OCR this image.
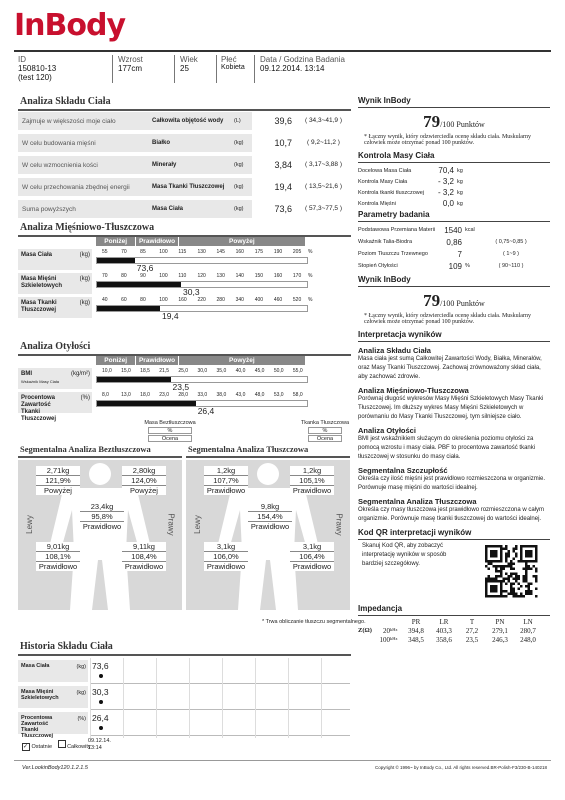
InBody
ID
150810-13
(test 120)
Wzrost
177cm
Wiek
25
Płeć
Kobieta
Data / Godzina Badania
09.12.2014. 13:14
Analiza Składu Ciała
Zajmuje w większości moje ciało	Całkowita objętość wody	(L)	39,6	( 34,3~41,9 )
W celu budowania mięśni	Białko	(kg)	10,7	( 9,2~11,2 )
W celu wzmocnienia kości	Minerały	(kg)	3,84	( 3,17~3,88 )
W celu przechowania zbędnej energii	Masa Tkanki Tłuszczowej	(kg)	19,4	( 13,5~21,6 )
Suma powyższych	Masa Ciała	(kg)	73,6	( 57,3~77,5 )
Analiza Mięśniowo-Tłuszczowa
Poniżej	Prawidłowo	Powyżej
Masa Ciała	(kg) 55	70	85	100 115 130 145 160 175 190 205 %
73,6
Masa Mięśni Szkieletowych
(kg) 70	80	90	100 110 120 130 140 150 160 170 %
30,3
Masa Tkanki Tłuszczowej
(kg) 40	60	80	100 160 220 280 340 400 460 520 %
19,4
Analiza Otyłości
Poniżej	Prawidłowo	Powyżej
BMI
Wskaźnik Masy Ciała
(kg/m²) 10,0 15,0 18,5 21,5 25,0 30,0 35,0 40,0 45,0 50,0 55,0
23,5
Procentowa Zawartość Tkanki Tłuszczowej
(%) 8,0 13,0 18,0 23,0 28,0 33,0 38,0 43,0 48,0 53,0 58,0
26,4
Masa Beztłuszczowa
%
Ocena
Tkanka Tłuszczowa
%
Ocena
Segmentalna Analiza Beztłuszczowa
Lewy	Prawy
2,71kg
121,9%
Powyżej
2,80kg
124,0%
Powyżej
23,4kg
95,8%
Prawidłowo
9,01kg
108,1%
Prawidłowo
9,11kg
108,4%
Prawidłowo
Segmentalna Analiza Tłuszczowa
Lewy	Prawy
1,2kg
107,7%
Prawidłowo
1,2kg
105,1%
Prawidłowo
9,8kg
154,4%
Prawidłowo
3,1kg
106,0%
Prawidłowo
3,1kg
106,4%
Prawidłowo
* Trwa obliczanie tłuszczu segmentalnego.
Historia Składu Ciała
Masa Ciała	(kg) 73,6
Masa Mięśni Szkieletowych
(kg) 30,3
Procentowa Zawartość Tkanki Tłuszczowej
(%) 26,4
✓ Ostatnie	Całkowity
09.12.14.
13:14
Wynik InBody
79/100 Punktów
* Łączny wynik, który odzwierciedla ocenę składu ciała. Muskularny człowiek może otrzymać ponad 100 punktów.
Kontrola Masy Ciała
Docelowa Masa Ciała	70,4 kg
Kontrola Masy Ciała	- 3,2 kg
Kontrola tkanki tłuszczowej	- 3,2 kg
Kontrola Mięśni	0,0 kg
Parametry badania
Podstawowa Przemiana Materii	1540 kcal
Wskaźnik Talia-Biodra	0,86	( 0,75~0,85 )
Poziom Tłuszczu Trzewnego	7	( 1~9 )
Stopień Otyłości	109 %	( 90~110 )
Wynik InBody
79/100 Punktów
* Łączny wynik, który odzwierciedla ocenę składu ciała. Muskularny człowiek może otrzymać ponad 100 punktów.
Interpretacja wyników
Analiza Składu Ciała
Masa ciała jest sumą Całkowitej Zawartości Wody, Białka, Minerałów, oraz Masy Tkanki Tłuszczowej. Zachowaj zrównoważony skład ciała, aby zachować zdrowie.
Analiza Mięśniowo-Tłuszczowa
Porównaj długość wykresów Masy Mięśni Szkieletowych Masy Tkanki Tłuszczowej. Im dłuższy wykres Masy Mięśni Szkieletowych w porównaniu do Masy Tkanki Tłuszczowej, tym silniejsze ciało.
Analiza Otyłości
BMI jest wskaźnikiem służącym do określenia poziomu otyłości za pomocą wzrostu i masy ciała. PBF to procentowa zawartość tkanki tłuszczowej w stosunku do masy ciała.
Segmentalna Szczupłość
Określa czy ilość mięśni jest prawidłowo rozmieszczona w organizmie. Porównuje masę mięśni do wartości idealnej.
Segmentalna Analiza Tłuszczowa
Określa czy masy tłuszczowa jest prawidłowo rozmieszczona w całym organizmie. Porównuje masę tkanki tłuszczowej do wartości idealnej.
Kod QR interpretacji wyników
Skanuj Kod QR, aby zobaczyć interpretację wyników w sposób bardziej szczegółowy.
Impedancja
PR	LR	T	PN	LN
Z(Ω)	20 kHz	394,8	403,3	27,2	279,1	280,7
100 kHz	348,5	358,6	23,5	246,3	248,0
Ver.LookinBody120.1.2.1.5	Copyright © 1996~ by InBody Co., Ltd. All rights reserved.BR-Polish-F3/230-B-140218
